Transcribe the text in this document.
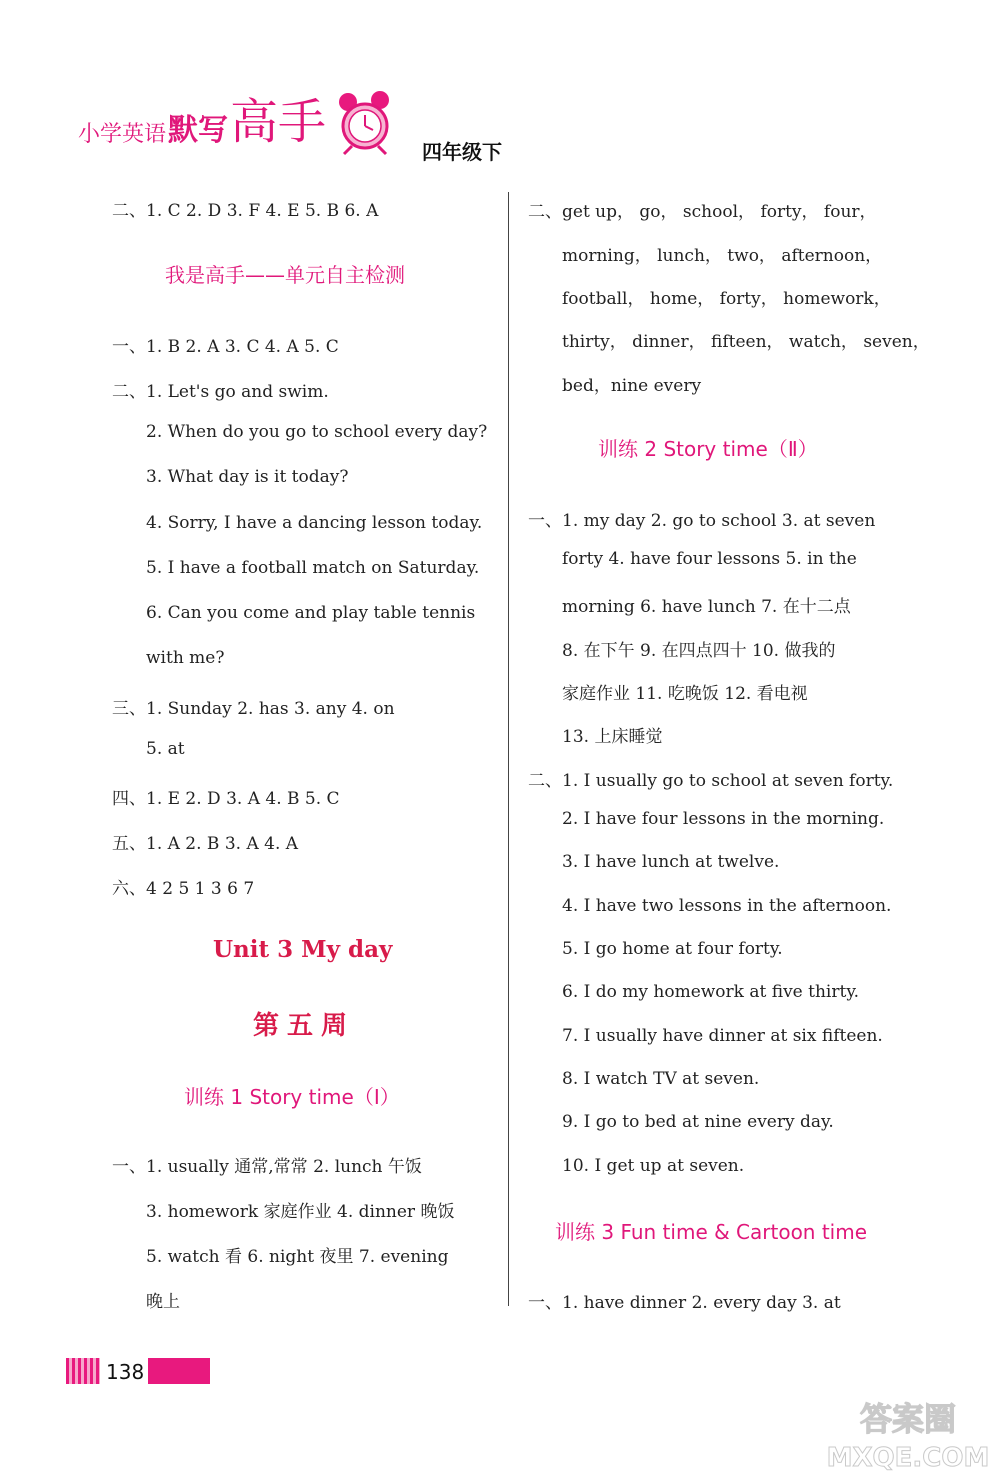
小学英语 默写 高手
四年级下
二、1. C 2. D 3. F 4. E 5. B 6. A
我是高手——单元自主检测
一、1. B 2. A 3. C 4. A 5. C
二、1. Let's go and swim.
2. When do you go to school every day?
3. What day is it today?
4. Sorry, I have a dancing lesson today.
5. I have a football match on Saturday.
6. Can you come and play table tennis
with me?
三、1. Sunday 2. has 3. any 4. on
5. at
四、1. E 2. D 3. A 4. B 5. C
五、1. A 2. B 3. A 4. A
六、4 2 5 1 3 6 7
Unit 3 My day
第五周
训练 1 Story time（Ⅰ）
一、1. usually 通常,常常 2. lunch 午饭
3. homework 家庭作业 4. dinner 晚饭
5. watch 看 6. night 夜里 7. evening
晚上
二、get up， go， school， forty， four，
morning， lunch， two， afternoon，
football， home， forty， homework，
thirty， dinner， fifteen， watch， seven，
bed，nine every
训练 2 Story time（Ⅱ）
一、1. my day 2. go to school 3. at seven
forty 4. have four lessons 5. in the
morning 6. have lunch 7. 在十二点
8. 在下午 9. 在四点四十 10. 做我的
家庭作业 11. 吃晚饭 12. 看电视
13. 上床睡觉
二、1. I usually go to school at seven forty.
2. I have four lessons in the morning.
3. I have lunch at twelve.
4. I have two lessons in the afternoon.
5. I go home at four forty.
6. I do my homework at five thirty.
7. I usually have dinner at six fifteen.
8. I watch TV at seven.
9. I go to bed at nine every day.
10. I get up at seven.
训练 3 Fun time & Cartoon time
一、1. have dinner 2. every day 3. at
138
答案圈
MXQE.COM
